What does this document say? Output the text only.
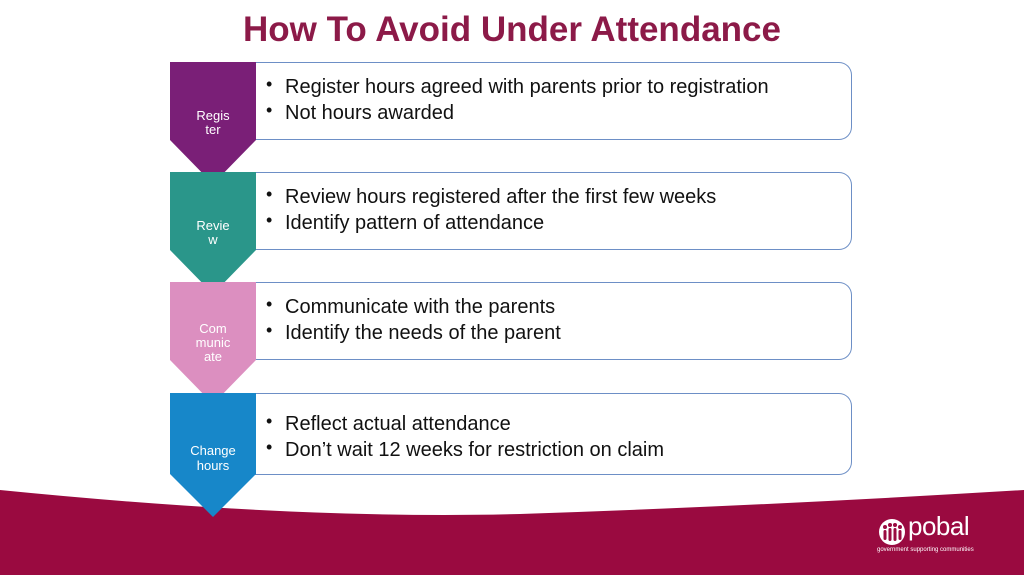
How To Avoid Under Attendance
• Register hours agreed with parents prior to registration
• Not hours awarded
Regis
ter
• Review hours registered after the first few weeks
• Identify pattern of attendance
Revie
w
• Communicate with the parents
• Identify the needs of the parent
Com
munic
ate
• Reflect actual attendance
• Don’t wait 12 weeks for restriction on claim
Change
hours
pobal
government supporting communities
